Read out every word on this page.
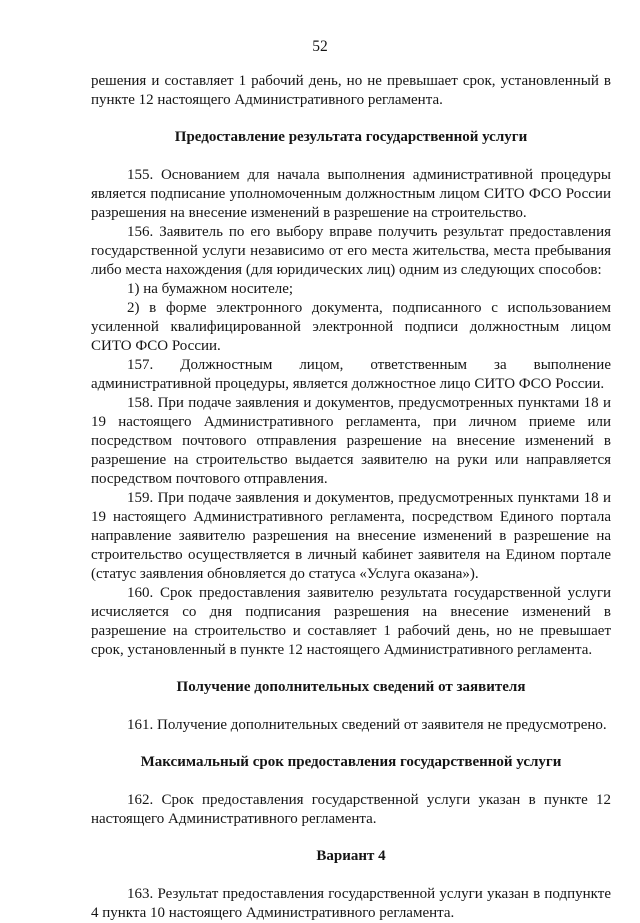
52

решения и составляет 1 рабочий день, но не превышает срок, установленный в пункте 12 настоящего Административного регламента.

Предоставление результата государственной услуги

155. Основанием для начала выполнения административной процедуры является подписание уполномоченным должностным лицом СИТО ФСО России разрешения на внесение изменений в разрешение на строительство.

156. Заявитель по его выбору вправе получить результат предоставления государственной услуги независимо от его места жительства, места пребывания либо места нахождения (для юридических лиц) одним из следующих способов:

1) на бумажном носителе;

2) в форме электронного документа, подписанного с использованием усиленной квалифицированной электронной подписи должностным лицом СИТО ФСО России.

157. Должностным лицом, ответственным за выполнение административной процедуры, является должностное лицо СИТО ФСО России.

158. При подаче заявления и документов, предусмотренных пунктами 18 и 19 настоящего Административного регламента, при личном приеме или посредством почтового отправления разрешение на внесение изменений в разрешение на строительство выдается заявителю на руки или направляется посредством почтового отправления.

159. При подаче заявления и документов, предусмотренных пунктами 18 и 19 настоящего Административного регламента, посредством Единого портала направление заявителю разрешения на внесение изменений в разрешение на строительство осуществляется в личный кабинет заявителя на Едином портале (статус заявления обновляется до статуса «Услуга оказана»).

160. Срок предоставления заявителю результата государственной услуги исчисляется со дня подписания разрешения на внесение изменений в разрешение на строительство и составляет 1 рабочий день, но не превышает срок, установленный в пункте 12 настоящего Административного регламента.

Получение дополнительных сведений от заявителя

161. Получение дополнительных сведений от заявителя не предусмотрено.

Максимальный срок предоставления государственной услуги

162. Срок предоставления государственной услуги указан в пункте 12 настоящего Административного регламента.

Вариант 4

163. Результат предоставления государственной услуги указан в подпункте 4 пункта 10 настоящего Административного регламента.
